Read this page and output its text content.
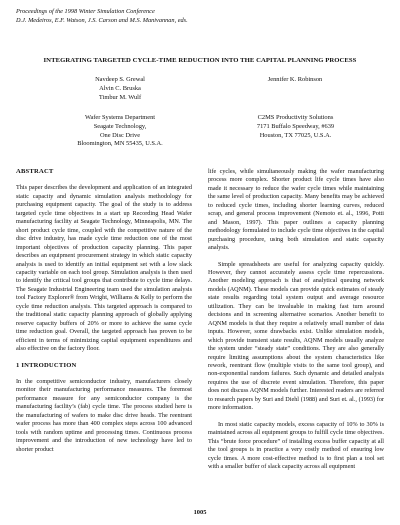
Proceedings of the 1998 Winter Simulation Conference
D.J. Medeiros, E.F. Watson, J.S. Carson and M.S. Manivannan, eds.
INTEGRATING TARGETED CYCLE-TIME REDUCTION INTO THE CAPITAL PLANNING PROCESS
Navdeep S. Grewal
Alvin C. Bruska
Timbur M. Wulf
Jennifer K. Robinson
Wafer Systems Department
Seagate Technology,
One Disc Drive
Bloomington, MN 55435, U.S.A.
C2MS Productivity Solutions
7171 Buffalo Speedway, #639
Houston, TX 77025, U.S.A.
ABSTRACT

This paper describes the development and application of an integrated static capacity and dynamic simulation analysis methodology for purchasing equipment capacity. The goal of the study is to address targeted cycle time objectives in a start up Recording Head Wafer manufacturing facility at Seagate Technology, Minneapolis, MN. The short product cycle time, coupled with the competitive nature of the disc drive industry, has made cycle time reduction one of the most important objectives of production capacity planning. This paper describes an equipment procurement strategy in which static capacity analysis is used to identify an initial equipment set with a low slack capacity variable on each tool group. Simulation analysis is then used to identify the critical tool groups that contribute to cycle time delays. The Seagate Industrial Engineering team used the simulation analysis tool Factory Explorer® from Wright, Williams & Kelly to perform the cycle time reduction analysis. This targeted approach is compared to the traditional static capacity planning approach of globally applying reserve capacity buffers of 20% or more to achieve the same cycle time reduction goal. Overall, the targeted approach has proven to be efficient in terms of minimizing capital equipment expenditures and also effective on the factory floor.

1 INTRODUCTION

In the competitive semiconductor industry, manufacturers closely monitor their manufacturing performance measures. The foremost performance measure for any semiconductor company is the manufacturing facility’s (fab) cycle time. The process studied here is the manufacturing of wafers to make disc drive heads. The reentrant wafer process has more than 400 complex steps across 100 advanced tools with random uptime and processing times. Continuous process improvement and the introduction of new technology have led to shorter product

life cycles, while simultaneously making the wafer manufacturing process more complex. Shorter product life cycle times have also made it necessary to reduce the wafer cycle times while maintaining the same level of production capacity. Many benefits may be achieved to reduced cycle times, including shorter learning curves, reduced scrap, and general process improvement (Nemoto et. al., 1996, Potti and Mason, 1997). This paper outlines a capacity planning methodology formulated to include cycle time objectives in the capital purchasing procedure, using both simulation and static capacity analysis.

Simple spreadsheets are useful for analyzing capacity quickly. However, they cannot accurately assess cycle time repercussions. Another modeling approach is that of analytical queuing network models (AQNM). These models can provide quick estimates of steady state results regarding total system output and average resource utilization. They can be invaluable in making fast turn around decisions and in screening alternative scenarios. Another benefit to AQNM models is that they require a relatively small number of data inputs. However, some drawbacks exist. Unlike simulation models, which provide transient state results, AQNM models usually analyze the system under “steady state” conditions. They are also generally require limiting assumptions about the system characteristics like rework, reentrant flow (multiple visits to the same tool group), and non-exponential random failures. Such dynamic and detailed analysis requires the use of discrete event simulation. Therefore, this paper does not discuss AQNM models further. Interested readers are referred to research papers by Suri and Diehl (1988) and Suri et. al., (1993) for more information.

In most static capacity models, excess capacity of 10% to 30% is maintained across all equipment groups to fulfill cycle time objectives. This “brute force procedure” of installing excess buffer capacity at all the tool groups is in practice a very costly method of ensuring low cycle times. A more cost-effective method is to first plan a tool set with a smaller buffer of slack capacity across all equipment

1005
